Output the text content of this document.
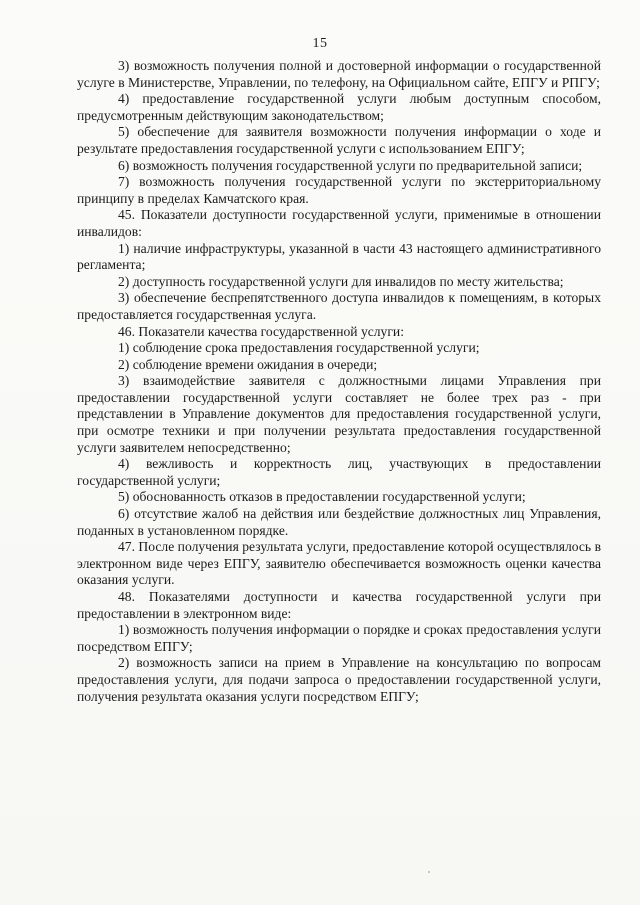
15

3) возможность получения полной и достоверной информации о государственной услуге в Министерстве, Управлении, по телефону, на Официальном сайте, ЕПГУ и РПГУ;

4) предоставление государственной услуги любым доступным способом, предусмотренным действующим законодательством;

5) обеспечение для заявителя возможности получения информации о ходе и результате предоставления государственной услуги с использованием ЕПГУ;

6) возможность получения государственной услуги по предварительной записи;

7) возможность получения государственной услуги по экстерриториальному принципу в пределах Камчатского края.

45. Показатели доступности государственной услуги, применимые в отношении инвалидов:

1) наличие инфраструктуры, указанной в части 43 настоящего административного регламента;

2) доступность государственной услуги для инвалидов по месту жительства;

3) обеспечение беспрепятственного доступа инвалидов к помещениям, в которых предоставляется государственная услуга.

46. Показатели качества государственной услуги:

1) соблюдение срока предоставления государственной услуги;

2) соблюдение времени ожидания в очереди;

3) взаимодействие заявителя с должностными лицами Управления при предоставлении государственной услуги составляет не более трех раз - при представлении в Управление документов для предоставления государственной услуги, при осмотре техники и при получении результата предоставления государственной услуги заявителем непосредственно;

4) вежливость и корректность лиц, участвующих в предоставлении государственной услуги;

5) обоснованность отказов в предоставлении государственной услуги;

6) отсутствие жалоб на действия или бездействие должностных лиц Управления, поданных в установленном порядке.

47. После получения результата услуги, предоставление которой осуществлялось в электронном виде через ЕПГУ, заявителю обеспечивается возможность оценки качества оказания услуги.

48. Показателями доступности и качества государственной услуги при предоставлении в электронном виде:

1) возможность получения информации о порядке и сроках предоставления услуги посредством ЕПГУ;

2) возможность записи на прием в Управление на консультацию по вопросам предоставления услуги, для подачи запроса о предоставлении государственной услуги, получения результата оказания услуги посредством ЕПГУ;
